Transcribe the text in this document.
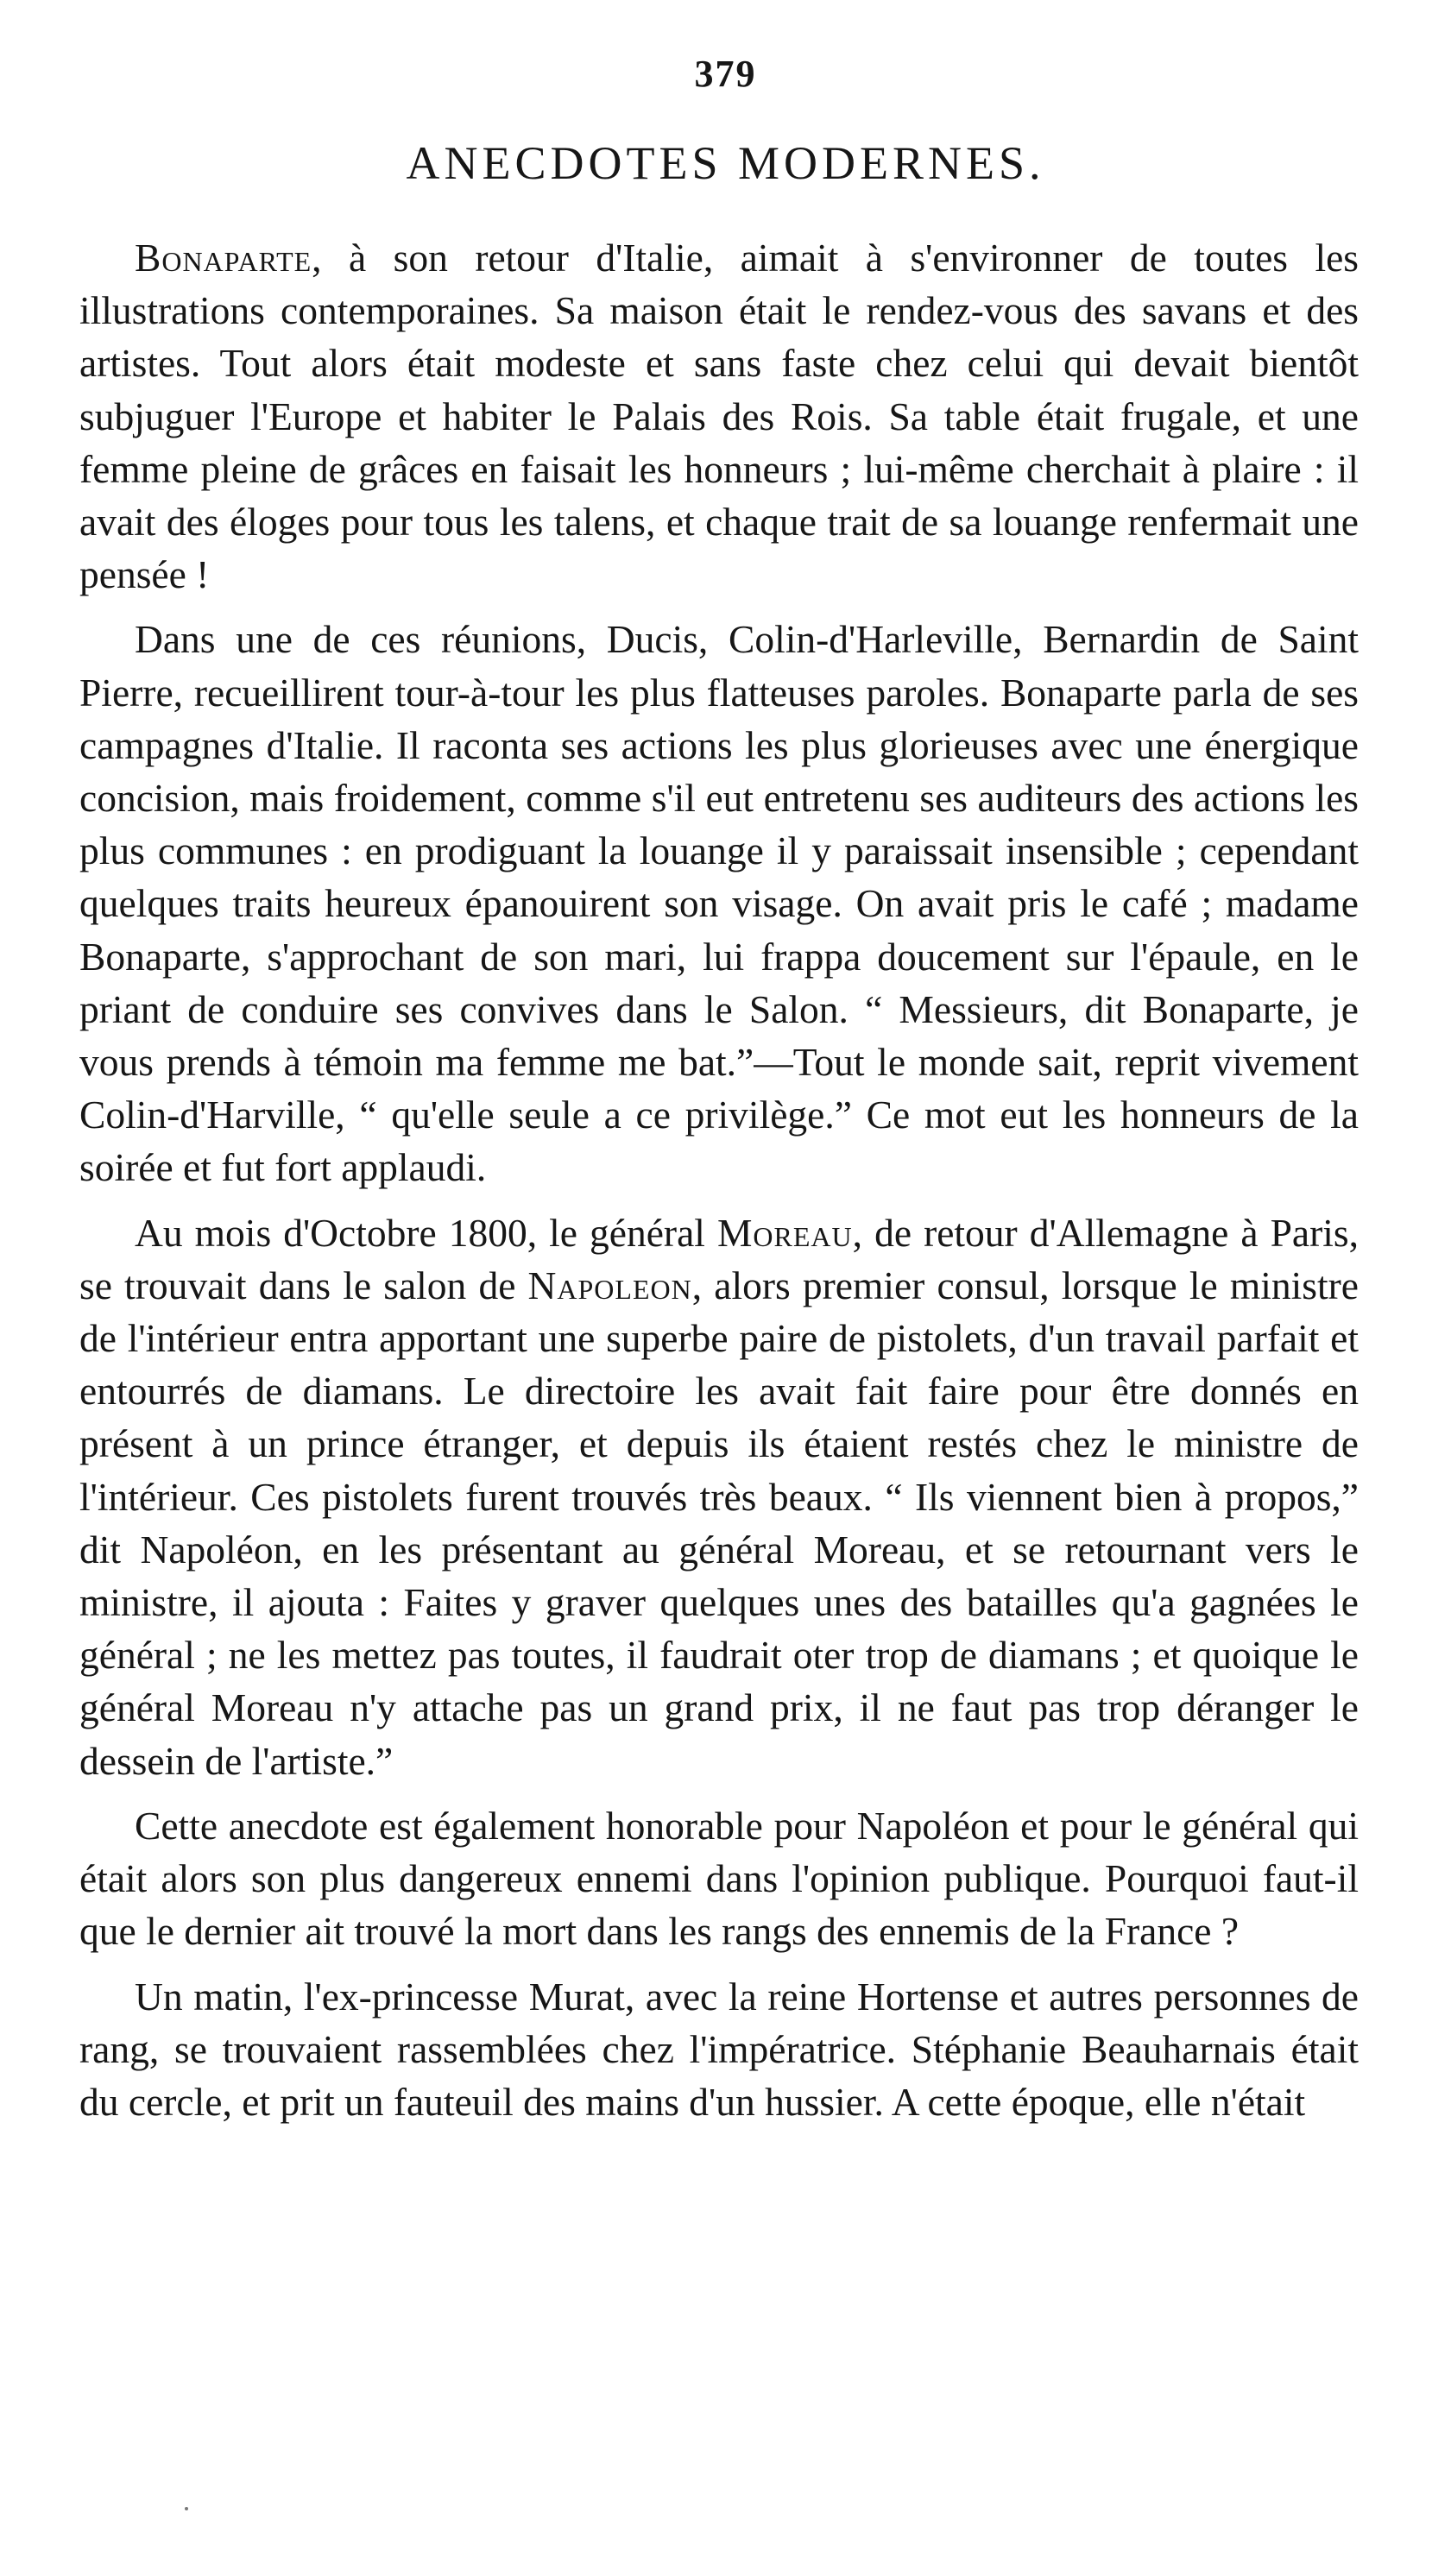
379
ANECDOTES MODERNES.

Bonaparte, à son retour d'Italie, aimait à s'environner de toutes les illustrations contemporaines. Sa maison était le rendez-vous des savans et des artistes. Tout alors était modeste et sans faste chez celui qui devait bientôt subjuguer l'Europe et habiter le Palais des Rois. Sa table était frugale, et une femme pleine de grâces en faisait les honneurs ; lui-même cherchait à plaire : il avait des éloges pour tous les talens, et chaque trait de sa louange renfermait une pensée !

Dans une de ces réunions, Ducis, Colin-d'Harleville, Bernardin de Saint Pierre, recueillirent tour-à-tour les plus flatteuses paroles. Bonaparte parla de ses campagnes d'Italie. Il raconta ses actions les plus glorieuses avec une énergique concision, mais froidement, comme s'il eut entretenu ses auditeurs des actions les plus communes : en prodiguant la louange il y paraissait insensible ; cependant quelques traits heureux épanouirent son visage. On avait pris le café ; madame Bonaparte, s'approchant de son mari, lui frappa doucement sur l'épaule, en le priant de conduire ses convives dans le Salon. “ Messieurs, dit Bonaparte, je vous prends à témoin ma femme me bat.”—Tout le monde sait, reprit vivement Colin-d'Harville, “ qu'elle seule a ce privilège.” Ce mot eut les honneurs de la soirée et fut fort applaudi.

Au mois d'Octobre 1800, le général Moreau, de retour d'Allemagne à Paris, se trouvait dans le salon de Napoleon, alors premier consul, lorsque le ministre de l'intérieur entra apportant une superbe paire de pistolets, d'un travail parfait et entourrés de diamans. Le directoire les avait fait faire pour être donnés en présent à un prince étranger, et depuis ils étaient restés chez le ministre de l'intérieur. Ces pistolets furent trouvés très beaux. “ Ils viennent bien à propos,” dit Napoléon, en les présentant au général Moreau, et se retournant vers le ministre, il ajouta : Faites y graver quelques unes des batailles qu'a gagnées le général ; ne les mettez pas toutes, il faudrait oter trop de diamans ; et quoique le général Moreau n'y attache pas un grand prix, il ne faut pas trop déranger le dessein de l'artiste.”

Cette anecdote est également honorable pour Napoléon et pour le général qui était alors son plus dangereux ennemi dans l'opinion publique. Pourquoi faut-il que le dernier ait trouvé la mort dans les rangs des ennemis de la France ?

Un matin, l'ex-princesse Murat, avec la reine Hortense et autres personnes de rang, se trouvaient rassemblées chez l'impératrice. Stéphanie Beauharnais était du cercle, et prit un fauteuil des mains d'un hussier. A cette époque, elle n'était
